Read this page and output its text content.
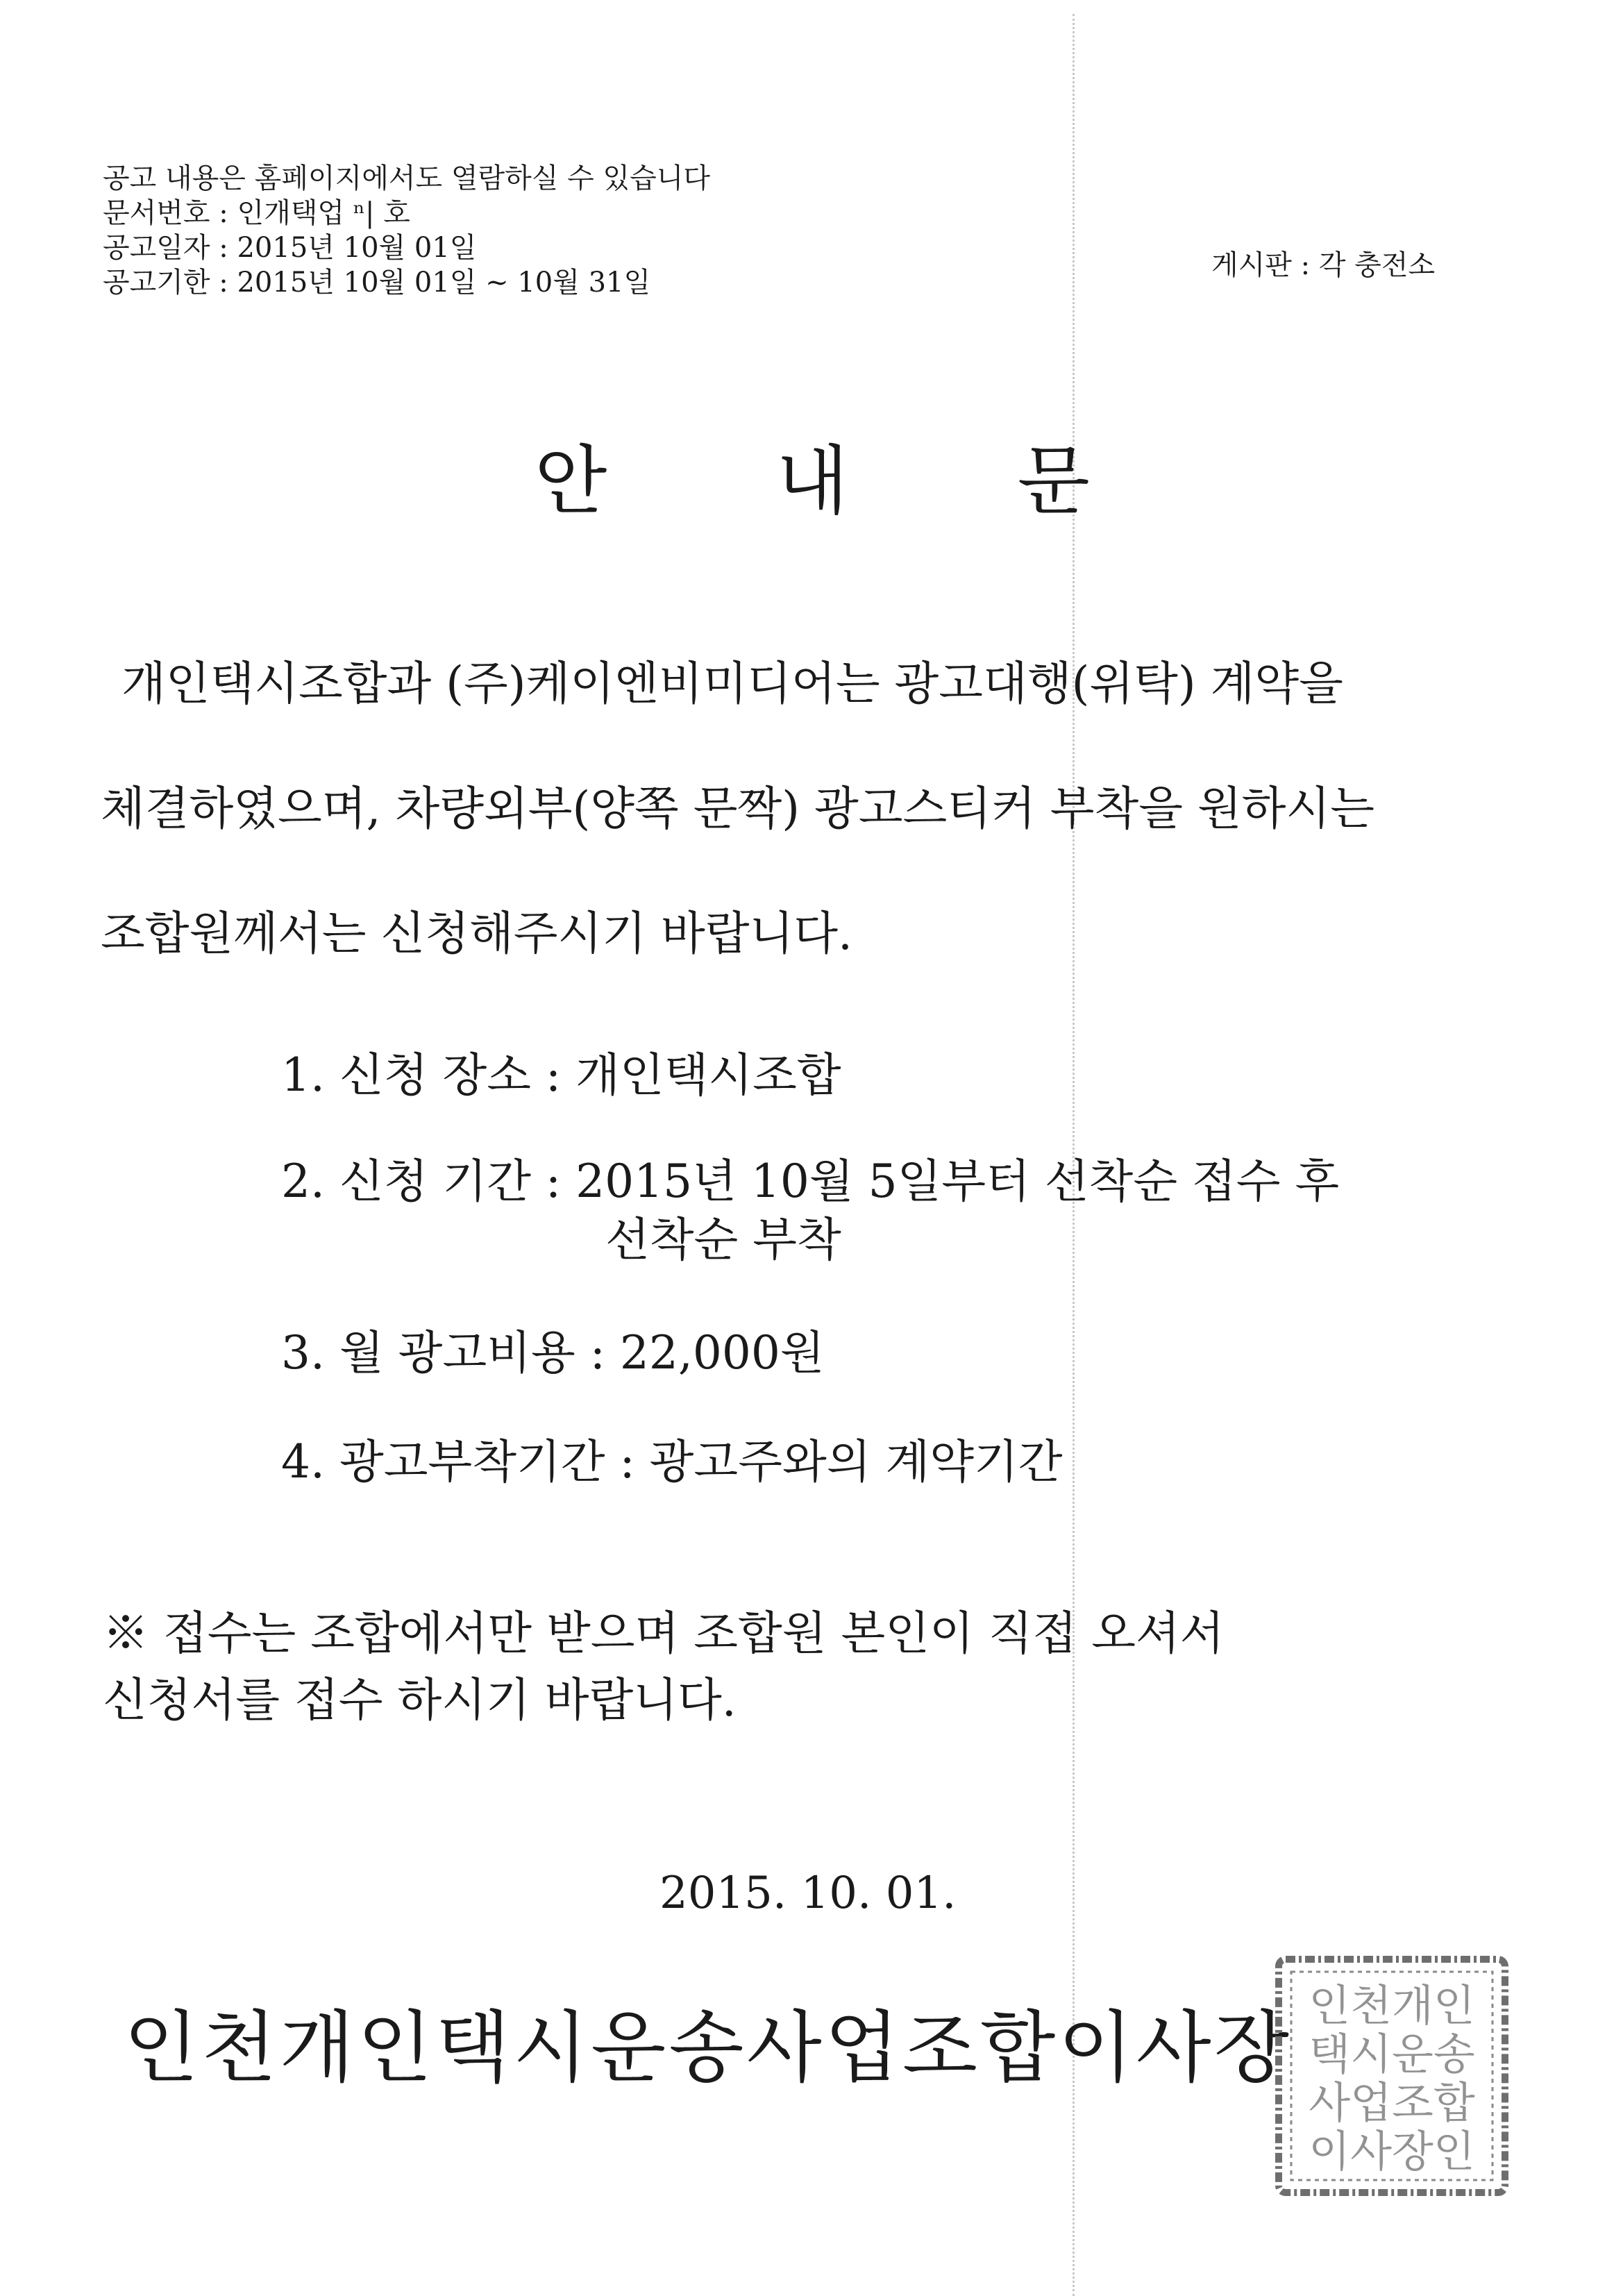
공고 내용은 홈페이지에서도 열람하실 수 있습니다
문서번호 : 인개택업 ⁿ| 호
공고일자 : 2015년 10월 01일
공고기한 : 2015년 10월 01일 ~ 10월 31일
게시판 : 각 충전소
안 내 문
개인택시조합과 (주)케이엔비미디어는 광고대행(위탁) 계약을
체결하였으며, 차량외부(양쪽 문짝) 광고스티커 부착을 원하시는
조합원께서는 신청해주시기 바랍니다.
1. 신청 장소 : 개인택시조합
2. 신청 기간 : 2015년 10월 5일부터 선착순 접수 후
선착순 부착
3. 월 광고비용 : 22,000원
4. 광고부착기간 : 광고주와의 계약기간
※ 접수는 조합에서만 받으며 조합원 본인이 직접 오셔서
신청서를 접수 하시기 바랍니다.
2015. 10. 01.
인천개인택시운송사업조합이사장 인천개인
택시운송
사업조합
이사장인
